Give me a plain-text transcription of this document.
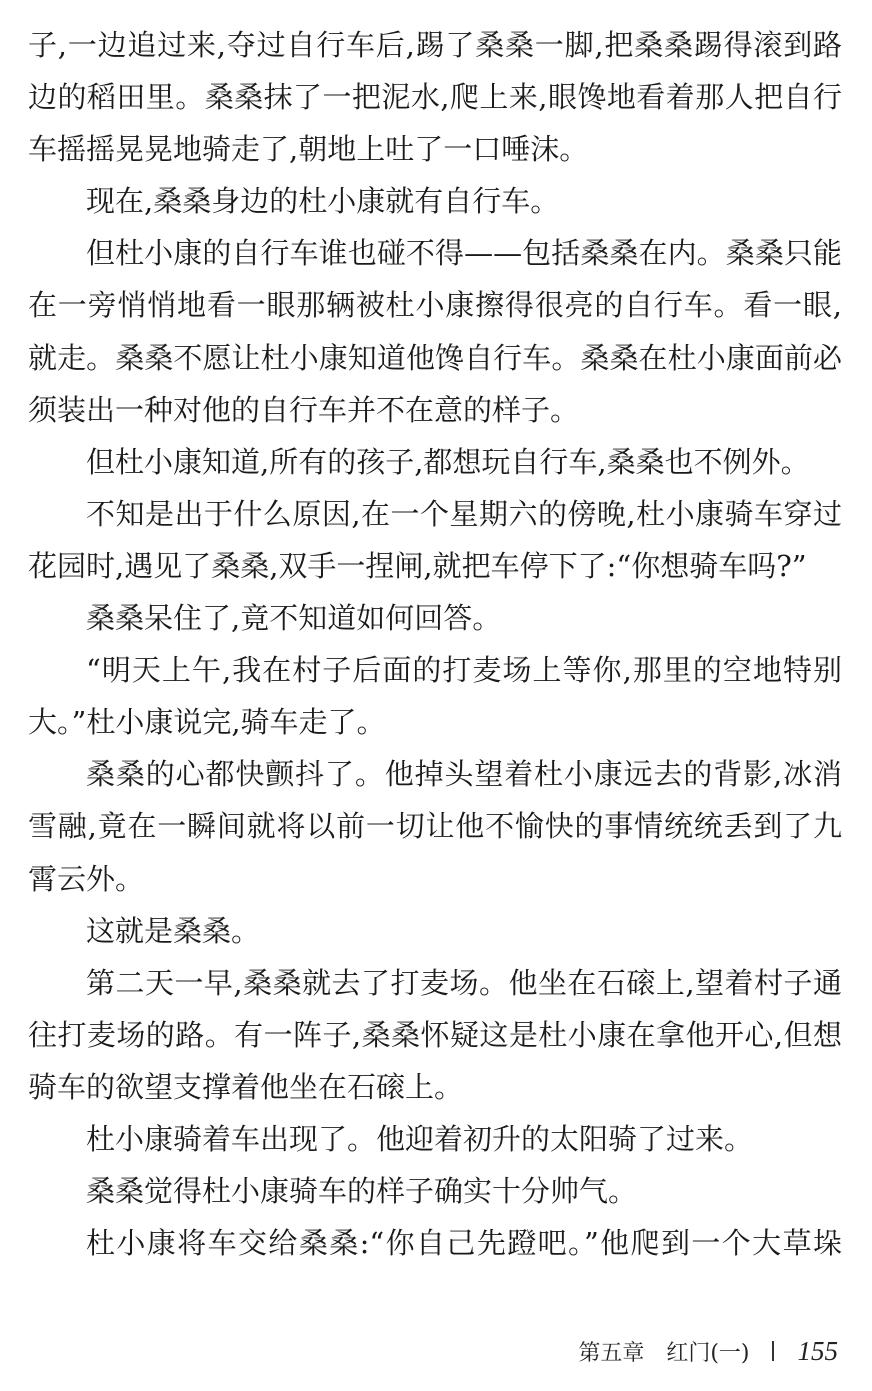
子,一边追过来,夺过自行车后,踢了桑桑一脚,把桑桑踢得滚到路
边的稻田里。桑桑抹了一把泥水,爬上来,眼馋地看着那人把自行
车摇摇晃晃地骑走了,朝地上吐了一口唾沫。
现在,桑桑身边的杜小康就有自行车。
但杜小康的自行车谁也碰不得——包括桑桑在内。桑桑只能
在一旁悄悄地看一眼那辆被杜小康擦得很亮的自行车。看一眼,
就走。桑桑不愿让杜小康知道他馋自行车。桑桑在杜小康面前必
须装出一种对他的自行车并不在意的样子。
但杜小康知道,所有的孩子,都想玩自行车,桑桑也不例外。
不知是出于什么原因,在一个星期六的傍晚,杜小康骑车穿过
花园时,遇见了桑桑,双手一捏闸,就把车停下了:“你想骑车吗?”
桑桑呆住了,竟不知道如何回答。
“明天上午,我在村子后面的打麦场上等你,那里的空地特别
大。”杜小康说完,骑车走了。
桑桑的心都快颤抖了。他掉头望着杜小康远去的背影,冰消
雪融,竟在一瞬间就将以前一切让他不愉快的事情统统丢到了九
霄云外。
这就是桑桑。
第二天一早,桑桑就去了打麦场。他坐在石磙上,望着村子通
往打麦场的路。有一阵子,桑桑怀疑这是杜小康在拿他开心,但想
骑车的欲望支撑着他坐在石磙上。
杜小康骑着车出现了。他迎着初升的太阳骑了过来。
桑桑觉得杜小康骑车的样子确实十分帅气。
杜小康将车交给桑桑:“你自己先蹬吧。”他爬到一个大草垛
第五章　红门(一) 155
